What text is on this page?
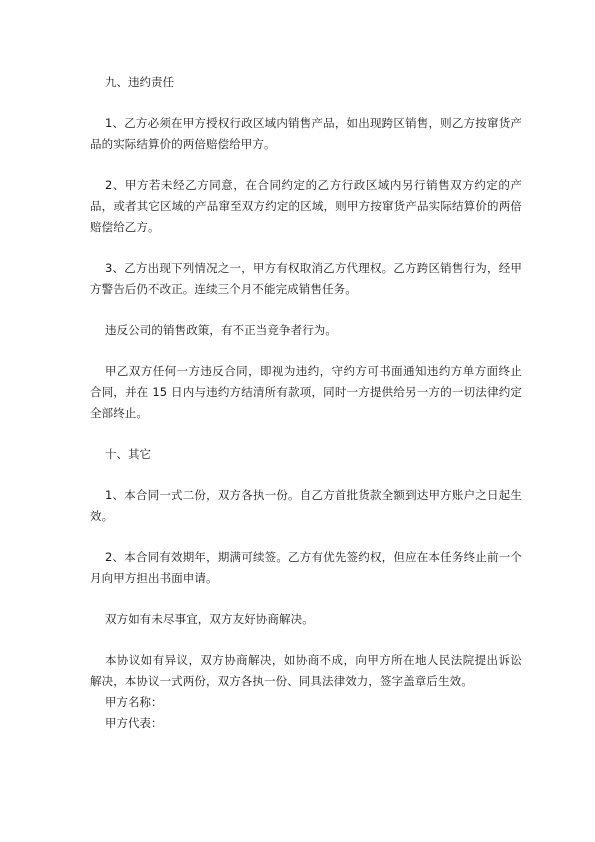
九、违约责任

1、乙方必须在甲方授权行政区域内销售产品，如出现跨区销售，则乙方按窜货产品的实际结算价的两倍赔偿给甲方。

2、甲方若未经乙方同意，在合同约定的乙方行政区域内另行销售双方约定的产品，或者其它区域的产品窜至双方约定的区域，则甲方按窜货产品实际结算价的两倍赔偿给乙方。

3、乙方出现下列情况之一，甲方有权取消乙方代理权。乙方跨区销售行为，经甲方警告后仍不改正。连续三个月不能完成销售任务。

违反公司的销售政策，有不正当竞争者行为。

甲乙双方任何一方违反合同，即视为违约，守约方可书面通知违约方单方面终止合同，并在 15 日内与违约方结清所有款项，同时一方提供给另一方的一切法律约定全部终止。

十、其它

1、本合同一式二份，双方各执一份。自乙方首批货款全额到达甲方账户之日起生效。

2、本合同有效期年，期满可续签。乙方有优先签约权，但应在本任务终止前一个月向甲方担出书面申请。

双方如有未尽事宜，双方友好协商解决。

本协议如有异议，双方协商解决，如协商不成，向甲方所在地人民法院提出诉讼解决，本协议一式两份，双方各执一份、同具法律效力，签字盖章后生效。

甲方名称：

甲方代表：
